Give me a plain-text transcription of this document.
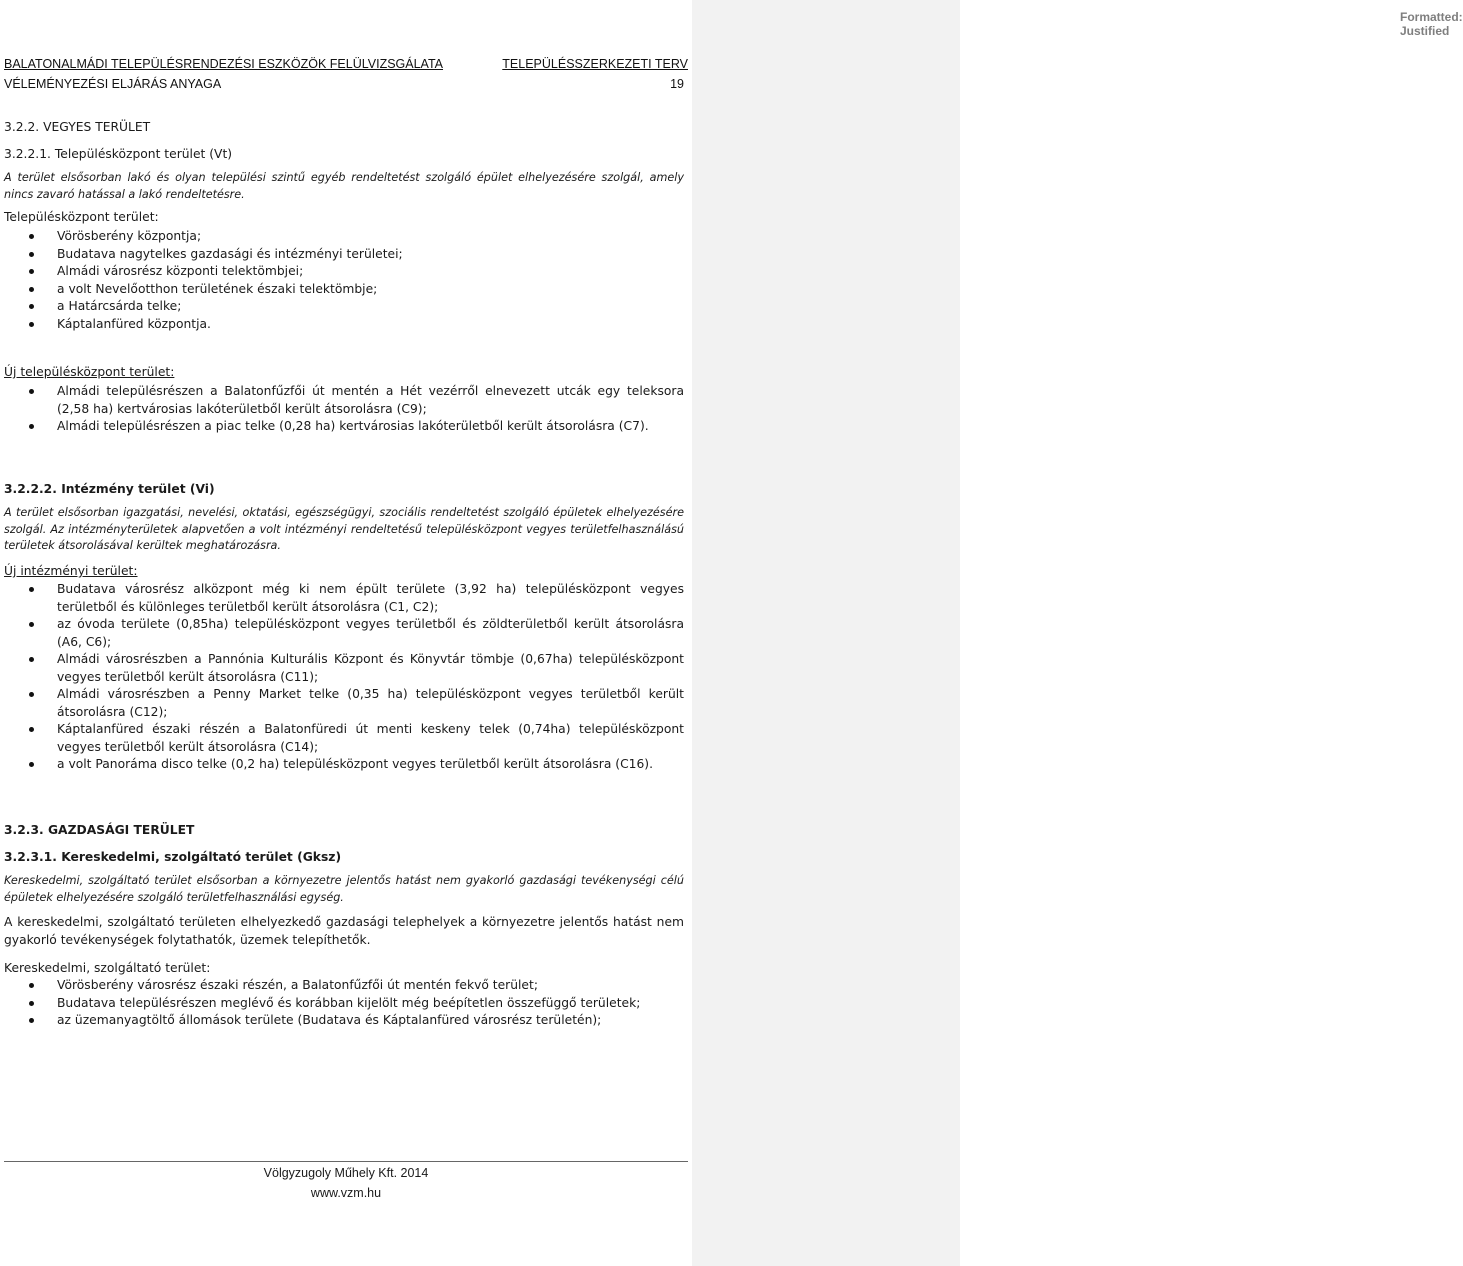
Formatted: Justified
BALATONALMÁDI TELEPÜLÉSRENDEZÉSI ESZKÖZÖK FELÜLVIZSGÁLATA	TELEPÜLÉSSZERKEZETI TERV
VÉLEMÉNYEZÉSI ELJÁRÁS ANYAGA	19
3.2.2. VEGYES TERÜLET
3.2.2.1. Településközpont terület (Vt)
A terület elsősorban lakó és olyan települési szintű egyéb rendeltetést szolgáló épület elhelyezésére szolgál, amely nincs zavaró hatással a lakó rendeltetésre.
Településközpont terület:
Vörösberény központja;
Budatava nagytelkes gazdasági és intézményi területei;
Almádi városrész központi telektömbjei;
a volt Nevelőotthon területének északi telektömbje;
a Határcsárda telke;
Káptalanfüred központja.
Új településközpont terület:
Almádi településrészen a Balatonfűzfői út mentén a Hét vezérről elnevezett utcák egy teleksora (2,58 ha) kertvárosias lakóterületből került átsorolásra (C9);
Almádi településrészen a piac telke (0,28 ha) kertvárosias lakóterületből került átsorolásra (C7).
3.2.2.2. Intézmény terület (Vi)
A terület elsősorban igazgatási, nevelési, oktatási, egészségügyi, szociális rendeltetést szolgáló épületek elhelyezésére szolgál. Az intézményterületek alapvetően a volt intézményi rendeltetésű településközpont vegyes területfelhasználású területek átsorolásával kerültek meghatározásra.
Új intézményi terület:
Budatava városrész alközpont még ki nem épült területe (3,92 ha) településközpont vegyes területből és különleges területből került átsorolásra (C1, C2);
az óvoda területe (0,85ha) településközpont vegyes területből és zöldterületből került átsorolásra (A6, C6);
Almádi városrészben a Pannónia Kulturális Központ és Könyvtár tömbje (0,67ha) településközpont vegyes területből került átsorolásra (C11);
Almádi városrészben a Penny Market telke (0,35 ha) településközpont vegyes területből került átsorolásra (C12);
Káptalanfüred északi részén a Balatonfüredi út menti keskeny telek (0,74ha) településközpont vegyes területből került átsorolásra (C14);
a volt Panoráma disco telke (0,2 ha) településközpont vegyes területből került átsorolásra (C16).
3.2.3. GAZDASÁGI TERÜLET
3.2.3.1. Kereskedelmi, szolgáltató terület (Gksz)
Kereskedelmi, szolgáltató terület elsősorban a környezetre jelentős hatást nem gyakorló gazdasági tevékenységi célú épületek elhelyezésére szolgáló területfelhasználási egység.
A kereskedelmi, szolgáltató területen elhelyezkedő gazdasági telephelyek a környezetre jelentős hatást nem gyakorló tevékenységek folytathatók, üzemek telepíthetők.
Kereskedelmi, szolgáltató terület:
Vörösberény városrész északi részén, a Balatonfűzfői út mentén fekvő terület;
Budatava településrészen meglévő és korábban kijelölt még beépítetlen összefüggő területek;
az üzemanyagtöltő állomások területe (Budatava és Káptalanfüred városrész területén);
Völgyzugoly Műhely Kft. 2014
www.vzm.hu
